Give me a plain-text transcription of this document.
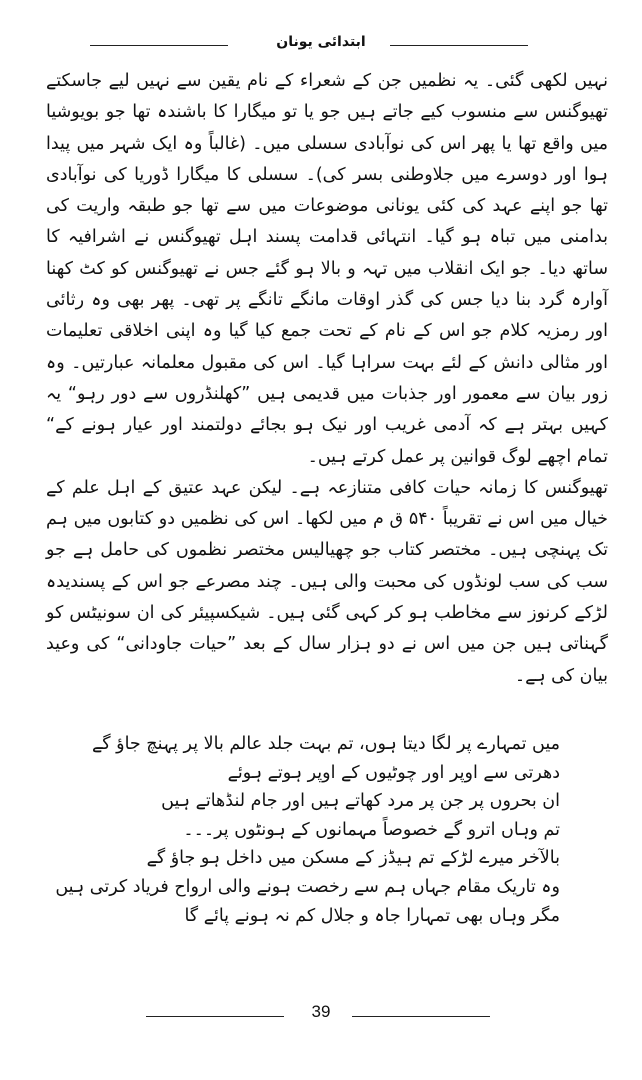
ابتدائی یونان

نہیں لکھی گئی۔ یہ نظمیں جن کے شعراء کے نام یقین سے نہیں لیے جاسکتے تھیوگنس سے منسوب کیے جاتے ہیں جو یا تو میگارا کا باشندہ تھا جو بویوشیا میں واقع تھا یا پھر اس کی نوآبادی سسلی میں۔ (غالباً وہ ایک شہر میں پیدا ہوا اور دوسرے میں جلاوطنی بسر کی)۔ سسلی کا میگارا ڈوریا کی نوآبادی تھا جو اپنے عہد کی کئی یونانی موضوعات میں سے تھا جو طبقہ واریت کی بدامنی میں تباہ ہو گیا۔ انتہائی قدامت پسند اہل تھیوگنس نے اشرافیہ کا ساتھ دیا۔ جو ایک انقلاب میں تہہ و بالا ہو گئے جس نے تھیوگنس کو کٹ کھنا آوارہ گرد بنا دیا جس کی گذر اوقات مانگے تانگے پر تھی۔ پھر بھی وہ رثائی اور رمزیہ کلام جو اس کے نام کے تحت جمع کیا گیا وہ اپنی اخلاقی تعلیمات اور مثالی دانش کے لئے بہت سراہا گیا۔ اس کی مقبول معلمانہ عبارتیں۔ وہ زور بیان سے معمور اور جذبات میں قدیمی ہیں ”کھلنڈروں سے دور رہو“ یہ کہیں بہتر ہے کہ آدمی غریب اور نیک ہو بجائے دولتمند اور عیار ہونے کے“ تمام اچھے لوگ قوانین پر عمل کرتے ہیں۔

تھیوگنس کا زمانہ حیات کافی متنازعہ ہے۔ لیکن عہد عتیق کے اہل علم کے خیال میں اس نے تقریباً ۵۴۰ ق م میں لکھا۔ اس کی نظمیں دو کتابوں میں ہم تک پہنچی ہیں۔ مختصر کتاب جو چھیالیس مختصر نظموں کی حامل ہے جو سب کی سب لونڈوں کی محبت والی ہیں۔ چند مصرعے جو اس کے پسندیدہ لڑکے کرنوز سے مخاطب ہو کر کہی گئی ہیں۔ شیکسپیئر کی ان سونیٹس کو گہناتی ہیں جن میں اس نے دو ہزار سال کے بعد ”حیات جاودانی“ کی وعید بیان کی ہے۔

میں تمہارے پر لگا دیتا ہوں، تم بہت جلد عالم بالا پر پہنچ جاؤ گے
دھرتی سے اوپر اور چوٹیوں کے اوپر ہوتے ہوئے
ان بحروں پر جن پر مرد کھاتے ہیں اور جام لنڈھاتے ہیں
تم وہاں اترو گے خصوصاً مہمانوں کے ہونٹوں پر۔۔۔
بالآخر میرے لڑکے تم ہیڈز کے مسکن میں داخل ہو جاؤ گے
وہ تاریک مقام جہاں ہم سے رخصت ہونے والی ارواح فریاد کرتی ہیں
مگر وہاں بھی تمہارا جاہ و جلال کم نہ ہونے پائے گا
39
